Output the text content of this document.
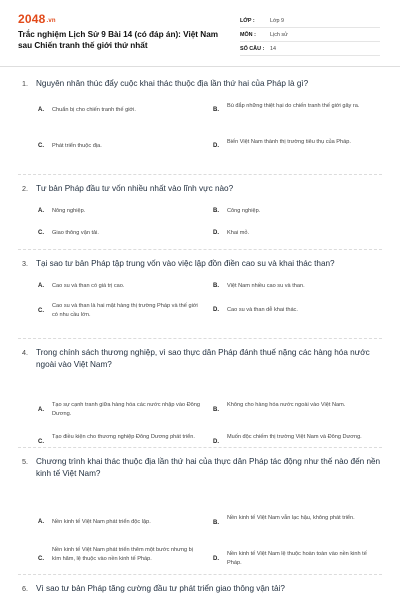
2048.vn
Trắc nghiệm Lịch Sử 9 Bài 14 (có đáp án): Việt Nam sau Chiến tranh thế giới thứ nhất
LỚP :	Lớp 9
MÔN :	Lịch sử
SỐ CÂU :	14
1. Nguyên nhân thúc đẩy cuộc khai thác thuộc địa lần thứ hai của Pháp là gì?
A. Chuẩn bị cho chiến tranh thế giới.	B.
Bù đắp những thiệt hại do chiến tranh thế giới gây ra.
C. Phát triển thuộc địa.	D.
Biến Việt Nam thành thị trường tiêu thụ của Pháp.
2. Tư bản Pháp đầu tư vốn nhiều nhất vào lĩnh vực nào?
A. Nông nghiệp.	B. Công nghiệp.
C. Giao thông vận tải.	D. Khai mỏ.
3. Tại sao tư bản Pháp tập trung vốn vào việc lập đồn điền cao su và khai thác than?
A. Cao su và than có giá trị cao.	B. Việt Nam nhiều cao su và than.
C.
Cao su và than là hai mặt hàng thị trường Pháp và thế giới có nhu cầu lớn.
D. Cao su và than dễ khai thác.
4. Trong chính sách thương nghiệp, vì sao thực dân Pháp đánh thuế nặng các hàng hóa nước ngoài vào Việt Nam?
A.
Tạo sự cạnh tranh giữa hàng hóa các nước nhập vào Đông Dương.
B.
Không cho hàng hóa nước ngoài vào Việt Nam.
C.
Tạo điều kiện cho thương nghiệp Đông Dương phát triển.
D.
Muốn độc chiếm thị trường Việt Nam và Đông Dương.
5. Chương trình khai thác thuộc địa lần thứ hai của thực dân Pháp tác động như thế nào đến nền kinh tế Việt Nam?
A. Nền kinh tế Việt Nam phát triển độc lập.	B.
Nền kinh tế Việt Nam vẫn lạc hậu, không phát triển.
C.
Nền kinh tế Việt Nam phát triển thêm một bước nhưng bị kìm hãm, lệ thuộc vào nền kinh tế Pháp.	D.
Nền kinh tế Việt Nam lệ thuộc hoàn toàn vào nền kinh tế Pháp.
6. Vì sao tư bản Pháp tăng cường đầu tư phát triển giao thông vận tải?
